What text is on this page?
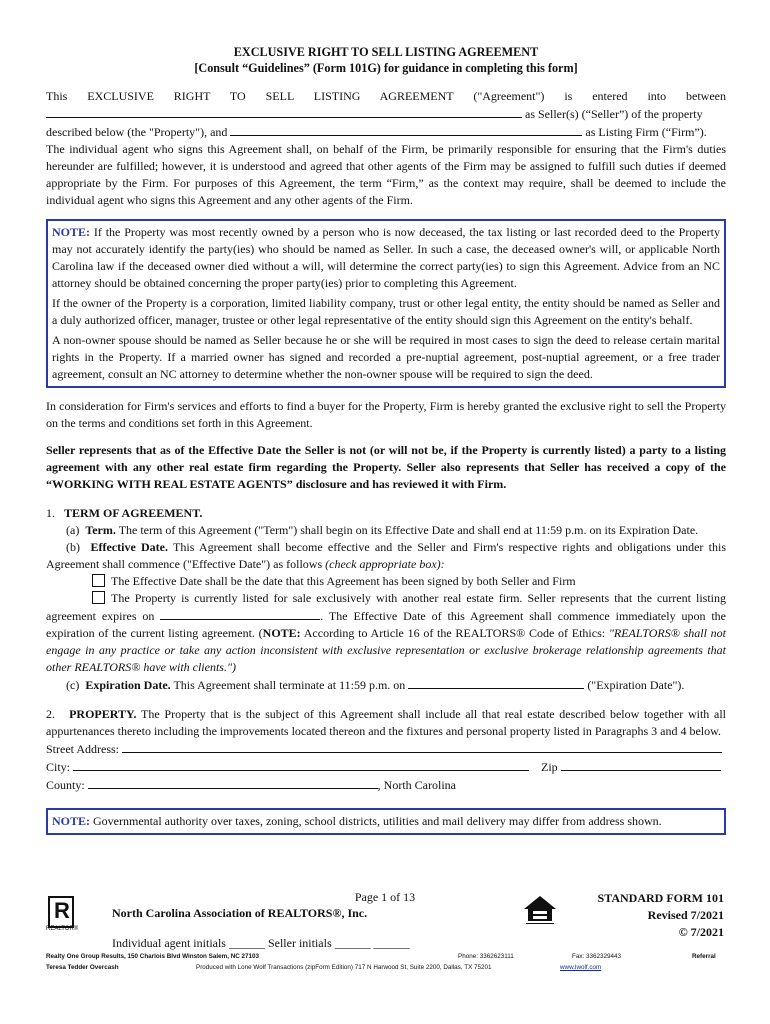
EXCLUSIVE RIGHT TO SELL LISTING AGREEMENT
[Consult “Guidelines” (Form 101G) for guidance in completing this form]
This EXCLUSIVE RIGHT TO SELL LISTING AGREEMENT ("Agreement") is entered into between
as Seller(s) (“Seller”) of the property
described below (the "Property"), and	as Listing Firm (“Firm”).
The individual agent who signs this Agreement shall, on behalf of the Firm, be primarily responsible for ensuring that the Firm's duties hereunder are fulfilled; however, it is understood and agreed that other agents of the Firm may be assigned to fulfill such duties if deemed appropriate by the Firm. For purposes of this Agreement, the term “Firm,” as the context may require, shall be deemed to include the individual agent who signs this Agreement and any other agents of the Firm.
NOTE: If the Property was most recently owned by a person who is now deceased, the tax listing or last recorded deed to the Property may not accurately identify the party(ies) who should be named as Seller. In such a case, the deceased owner's will, or applicable North Carolina law if the deceased owner died without a will, will determine the correct party(ies) to sign this Agreement. Advice from an NC attorney should be obtained concerning the proper party(ies) prior to completing this Agreement.
If the owner of the Property is a corporation, limited liability company, trust or other legal entity, the entity should be named as Seller and a duly authorized officer, manager, trustee or other legal representative of the entity should sign this Agreement on the entity's behalf.
A non-owner spouse should be named as Seller because he or she will be required in most cases to sign the deed to release certain marital rights in the Property. If a married owner has signed and recorded a pre-nuptial agreement, post-nuptial agreement, or a free trader agreement, consult an NC attorney to determine whether the non-owner spouse will be required to sign the deed.
In consideration for Firm's services and efforts to find a buyer for the Property, Firm is hereby granted the exclusive right to sell the Property on the terms and conditions set forth in this Agreement.
Seller represents that as of the Effective Date the Seller is not (or will not be, if the Property is currently listed) a party to a listing agreement with any other real estate firm regarding the Property. Seller also represents that Seller has received a copy of the “WORKING WITH REAL ESTATE AGENTS” disclosure and has reviewed it with Firm.
1. TERM OF AGREEMENT.
(a) Term. The term of this Agreement ("Term") shall begin on its Effective Date and shall end at 11:59 p.m. on its Expiration Date.
(b) Effective Date. This Agreement shall become effective and the Seller and Firm's respective rights and obligations under this Agreement shall commence ("Effective Date") as follows (check appropriate box):
The Effective Date shall be the date that this Agreement has been signed by both Seller and Firm
The Property is currently listed for sale exclusively with another real estate firm. Seller represents that the current listing agreement expires on	. The Effective Date of this Agreement shall commence immediately upon the expiration of the current listing agreement. (NOTE: According to Article 16 of the REALTORS® Code of Ethics: "REALTORS® shall not engage in any practice or take any action inconsistent with exclusive representation or exclusive brokerage relationship agreements that other REALTORS® have with clients.")
(c) Expiration Date. This Agreement shall terminate at 11:59 p.m. on	("Expiration Date").
2. PROPERTY. The Property that is the subject of this Agreement shall include all that real estate described below together with all appurtenances thereto including the improvements located thereon and the fixtures and personal property listed in Paragraphs 3 and 4 below.
Street Address:
City:	Zip
County:	, North Carolina
NOTE: Governmental authority over taxes, zoning, school districts, utilities and mail delivery may differ from address shown.
R
REALTOR®
Page 1 of 13
North Carolina Association of REALTORS®, Inc.
STANDARD FORM 101
Revised 7/2021
© 7/2021
Individual agent initials ______ Seller initials ______ ______
Realty One Group Results, 150 Charlois Blvd Winston Salem, NC 27103	Phone: 3362623111	Fax: 3362329443	Referral
Teresa Tedder Overcash	Produced with Lone Wolf Transactions (zipForm Edition) 717 N Harwood St, Suite 2200, Dallas, TX 75201	www.lwolf.com
